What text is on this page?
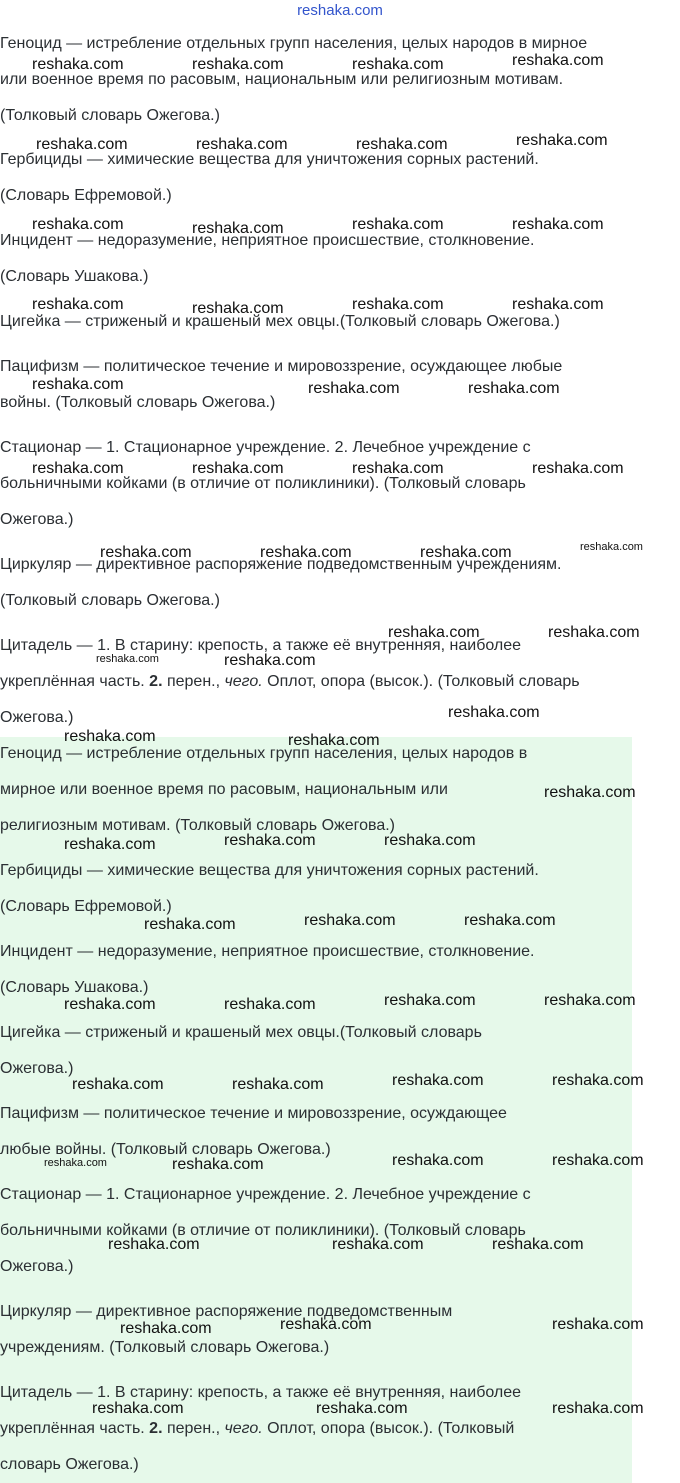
reshaka.com

Геноцид — истребление отдельных групп населения, целых народов в мирное

или военное время по расовым, национальным или религиозным мотивам.

(Толковый словарь Ожегова.)

Гербициды — химические вещества для уничтожения сорных растений.

(Словарь Ефремовой.)

Инцидент — недоразумение, неприятное происшествие, столкновение.

(Словарь Ушакова.)

Цигейка — стриженый и крашеный мех овцы.(Толковый словарь Ожегова.)

Пацифизм — политическое течение и мировоззрение, осуждающее любые

войны. (Толковый словарь Ожегова.)

Стационар — 1. Стационарное учреждение. 2. Лечебное учреждение с

больничными койками (в отличие от поликлиники). (Толковый словарь

Ожегова.)

Циркуляр — директивное распоряжение подведомственным учреждениям.

(Толковый словарь Ожегова.)

Цитадель — 1. В старину: крепость, а также её внутренняя, наиболее

укреплённая часть. 2. перен., чего. Оплот, опора (высок.). (Толковый словарь

Ожегова.)

Геноцид — истребление отдельных групп населения, целых народов в

мирное или военное время по расовым, национальным или

религиозным мотивам. (Толковый словарь Ожегова.)

Гербициды — химические вещества для уничтожения сорных растений.

(Словарь Ефремовой.)

Инцидент — недоразумение, неприятное происшествие, столкновение.

(Словарь Ушакова.)

Цигейка — стриженый и крашеный мех овцы.(Толковый словарь

Ожегова.)

Пацифизм — политическое течение и мировоззрение, осуждающее

любые войны. (Толковый словарь Ожегова.)

Стационар — 1. Стационарное учреждение. 2. Лечебное учреждение с

больничными койками (в отличие от поликлиники). (Толковый словарь

Ожегова.)

Циркуляр — директивное распоряжение подведомственным

учреждениям. (Толковый словарь Ожегова.)

Цитадель — 1. В старину: крепость, а также её внутренняя, наиболее

укреплённая часть. 2. перен., чего. Оплот, опора (высок.). (Толковый

словарь Ожегова.)

reshaka.com	reshaka.com	reshaka.com	reshaka.com
reshaka.com	reshaka.com	reshaka.com	reshaka.com
reshaka.com	reshaka.com	reshaka.com	reshaka.com
reshaka.com	reshaka.com	reshaka.com	reshaka.com
reshaka.com	reshaka.com	reshaka.com
reshaka.com	reshaka.com	reshaka.com	reshaka.com
reshaka.com	reshaka.com	reshaka.com	reshaka.com
reshaka.com	reshaka.com
reshaka.com	reshaka.com
reshaka.com
reshaka.com	reshaka.com
reshaka.com
reshaka.com	reshaka.com	reshaka.com
reshaka.com	reshaka.com	reshaka.com
reshaka.com	reshaka.com	reshaka.com	reshaka.com
reshaka.com	reshaka.com	reshaka.com	reshaka.com
reshaka.com	reshaka.com	reshaka.com	reshaka.com
reshaka.com	reshaka.com	reshaka.com
reshaka.com	reshaka.com	reshaka.com
reshaka.com	reshaka.com	reshaka.com
